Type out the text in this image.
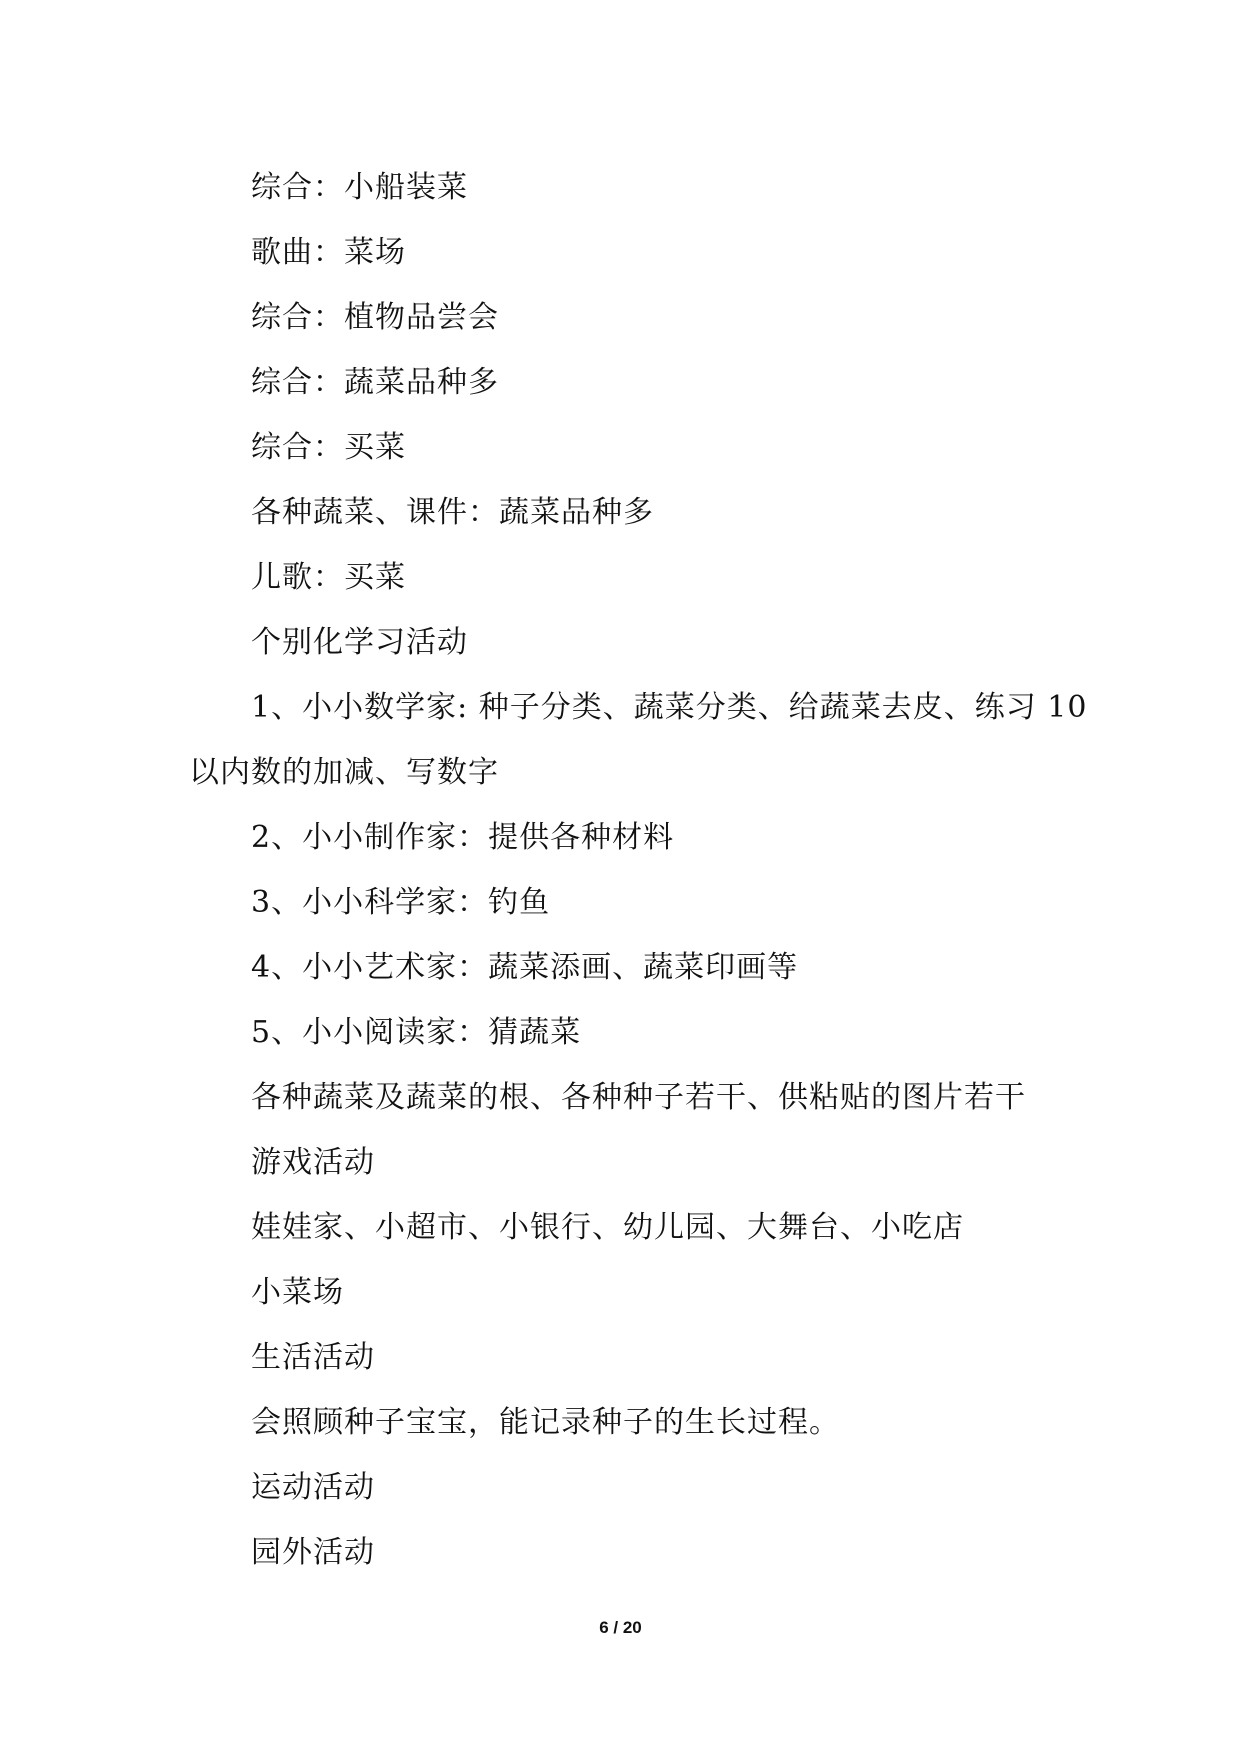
综合：小船装菜
歌曲：菜场
综合：植物品尝会
综合：蔬菜品种多
综合：买菜
各种蔬菜、课件：蔬菜品种多
儿歌：买菜
个别化学习活动
1、小小数学家: 种子分类、蔬菜分类、给蔬菜去皮、练习 10
以内数的加减、写数字
2、小小制作家：提供各种材料
3、小小科学家：钓鱼
4、小小艺术家：蔬菜添画、蔬菜印画等
5、小小阅读家：猜蔬菜
各种蔬菜及蔬菜的根、各种种子若干、供粘贴的图片若干
游戏活动
娃娃家、小超市、小银行、幼儿园、大舞台、小吃店
小菜场
生活活动
会照顾种子宝宝，能记录种子的生长过程。
运动活动
园外活动
6 / 20
